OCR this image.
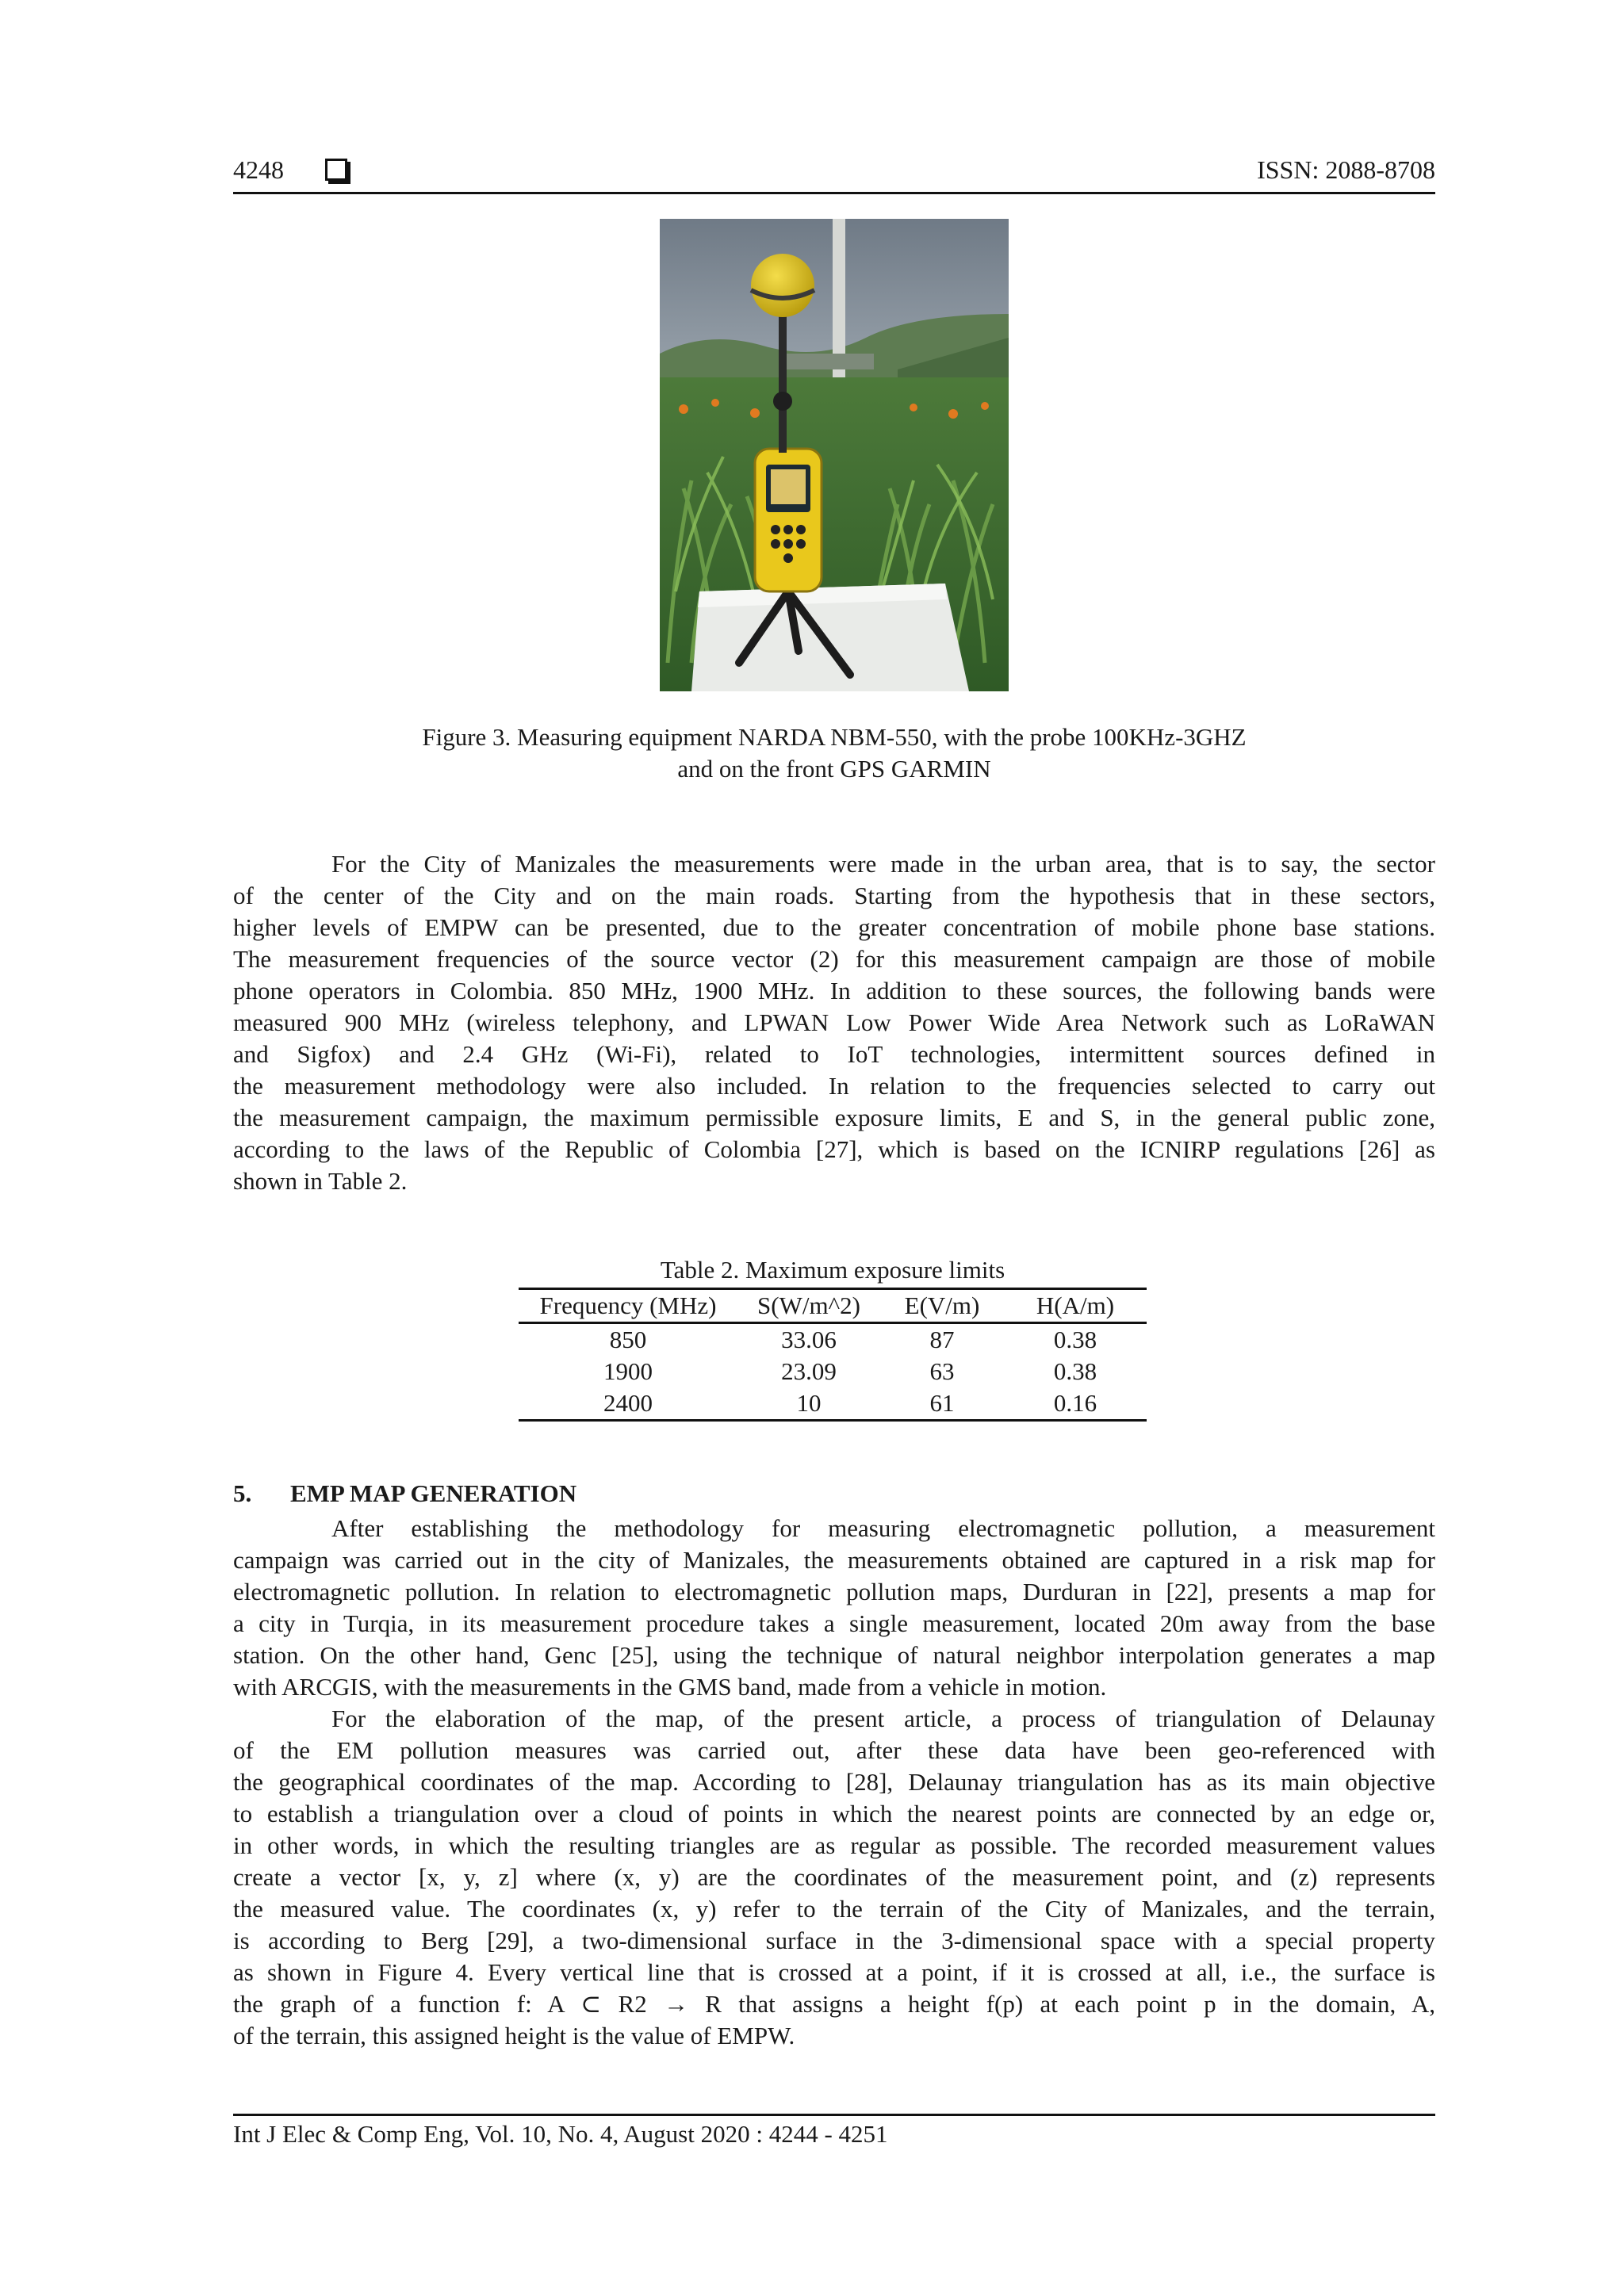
4248	ISSN: 2088-8708
Figure 3. Measuring equipment NARDA NBM-550, with the probe 100KHz-3GHZ
and on the front GPS GARMIN
For the City of Manizales the measurements were made in the urban area, that is to say, the sector
of the center of the City and on the main roads. Starting from the hypothesis that in these sectors,
higher levels of EMPW can be presented, due to the greater concentration of mobile phone base stations.
The measurement frequencies of the source vector (2) for this measurement campaign are those of mobile
phone operators in Colombia. 850 MHz, 1900 MHz. In addition to these sources, the following bands were
measured 900 MHz (wireless telephony, and LPWAN Low Power Wide Area Network such as LoRaWAN
and Sigfox) and 2.4 GHz (Wi-Fi), related to IoT technologies, intermittent sources defined in
the measurement methodology were also included. In relation to the frequencies selected to carry out
the measurement campaign, the maximum permissible exposure limits, E and S, in the general public zone,
according to the laws of the Republic of Colombia [27], which is based on the ICNIRP regulations [26] as
shown in Table 2.
Table 2. Maximum exposure limits
Frequency (MHz)	S(W/m^2)	E(V/m)	H(A/m)
850	33.06	87	0.38
1900	23.09	63	0.38
2400	10	61	0.16
5. EMP MAP GENERATION
After establishing the methodology for measuring electromagnetic pollution, a measurement
campaign was carried out in the city of Manizales, the measurements obtained are captured in a risk map for
electromagnetic pollution. In relation to electromagnetic pollution maps, Durduran in [22], presents a map for
a city in Turqia, in its measurement procedure takes a single measurement, located 20m away from the base
station. On the other hand, Genc [25], using the technique of natural neighbor interpolation generates a map
with ARCGIS, with the measurements in the GMS band, made from a vehicle in motion.
For the elaboration of the map, of the present article, a process of triangulation of Delaunay
of the EM pollution measures was carried out, after these data have been geo-referenced with
the geographical coordinates of the map. According to [28], Delaunay triangulation has as its main objective
to establish a triangulation over a cloud of points in which the nearest points are connected by an edge or,
in other words, in which the resulting triangles are as regular as possible. The recorded measurement values
create a vector [x, y, z] where (x, y) are the coordinates of the measurement point, and (z) represents
the measured value. The coordinates (x, y) refer to the terrain of the City of Manizales, and the terrain,
is according to Berg [29], a two-dimensional surface in the 3-dimensional space with a special property
as shown in Figure 4. Every vertical line that is crossed at a point, if it is crossed at all, i.e., the surface is
the graph of a function f: A ⊂ R2 → R that assigns a height f(p) at each point p in the domain, A,
of the terrain, this assigned height is the value of EMPW.
Int J Elec & Comp Eng, Vol. 10, No. 4, August 2020 : 4244 - 4251
